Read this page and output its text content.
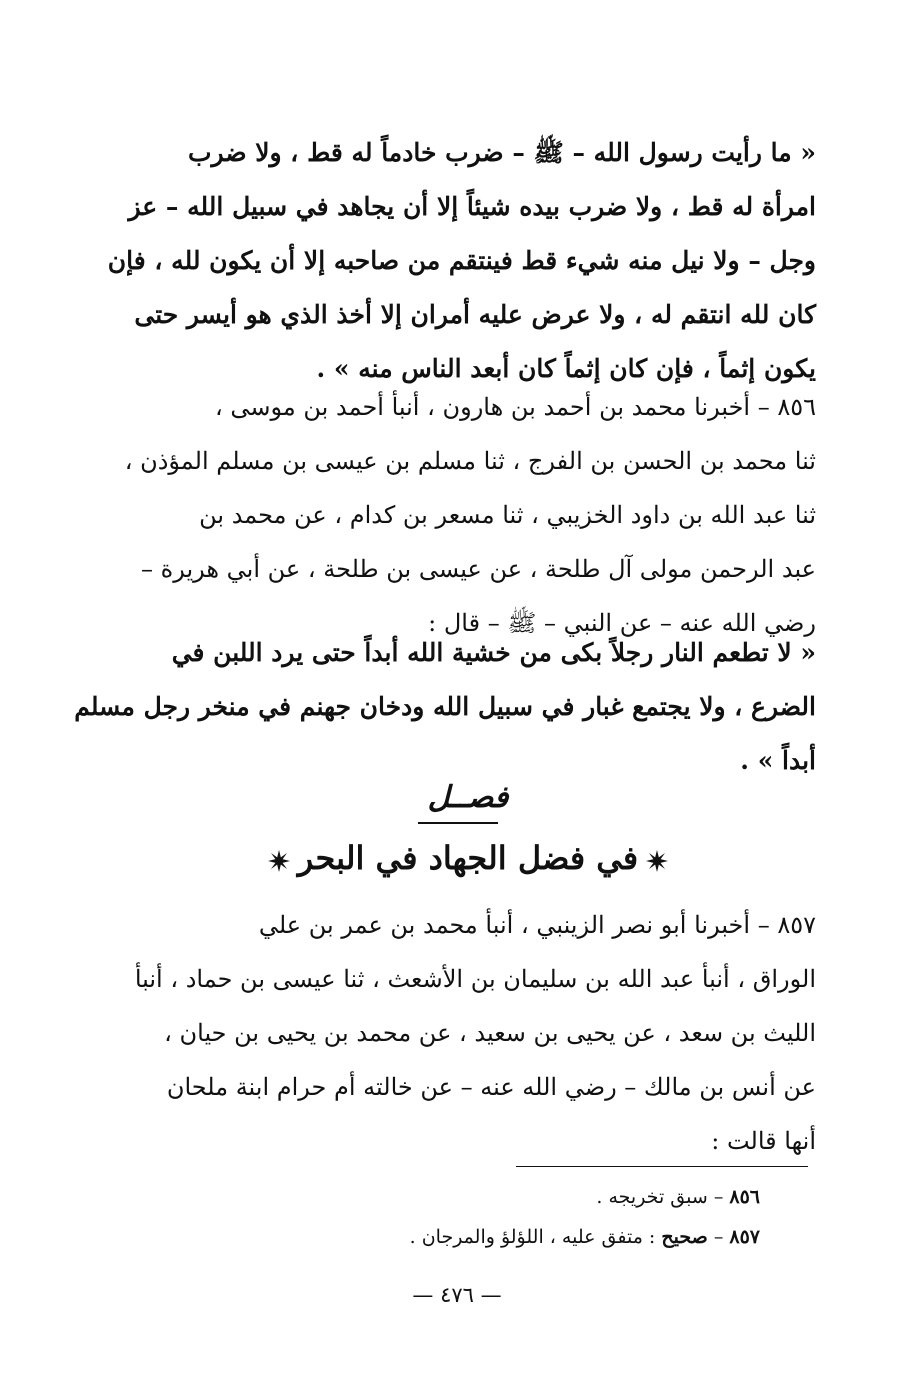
« ما رأيت رسول الله – ﷺ – ضرب خادماً له قط ، ولا ضرب
امرأة له قط ، ولا ضرب بيده شيئاً إلا أن يجاهد في سبيل الله – عز
وجل – ولا نيل منه شيء قط فينتقم من صاحبه إلا أن يكون لله ، فإن
كان لله انتقم له ، ولا عرض عليه أمران إلا أخذ الذي هو أيسر حتى
يكون إثماً ، فإن كان إثماً كان أبعد الناس منه » .
٨٥٦ – أخبرنا محمد بن أحمد بن هارون ، أنبأ أحمد بن موسى ،
ثنا محمد بن الحسن بن الفرج ، ثنا مسلم بن عيسى بن مسلم المؤذن ،
ثنا عبد الله بن داود الخزيبي ، ثنا مسعر بن كدام ، عن محمد بن
عبد الرحمن مولى آل طلحة ، عن عيسى بن طلحة ، عن أبي هريرة –
رضي الله عنه – عن النبي – ﷺ – قال :
« لا تطعم النار رجلاً بكى من خشية الله أبداً حتى يرد اللبن في
الضرع ، ولا يجتمع غبار في سبيل الله ودخان جهنم في منخر رجل مسلم
أبداً » .
فصــل
في فضل الجهاد في البحر
٨٥٧ – أخبرنا أبو نصر الزينبي ، أنبأ محمد بن عمر بن علي
الوراق ، أنبأ عبد الله بن سليمان بن الأشعث ، ثنا عيسى بن حماد ، أنبأ
الليث بن سعد ، عن يحيى بن سعيد ، عن محمد بن يحيى بن حيان ،
عن أنس بن مالك – رضي الله عنه – عن خالته أم حرام ابنة ملحان
أنها قالت :
٨٥٦ – سبق تخريجه .
٨٥٧ – صحيح : متفق عليه ، اللؤلؤ والمرجان .
— ٤٧٦ —
